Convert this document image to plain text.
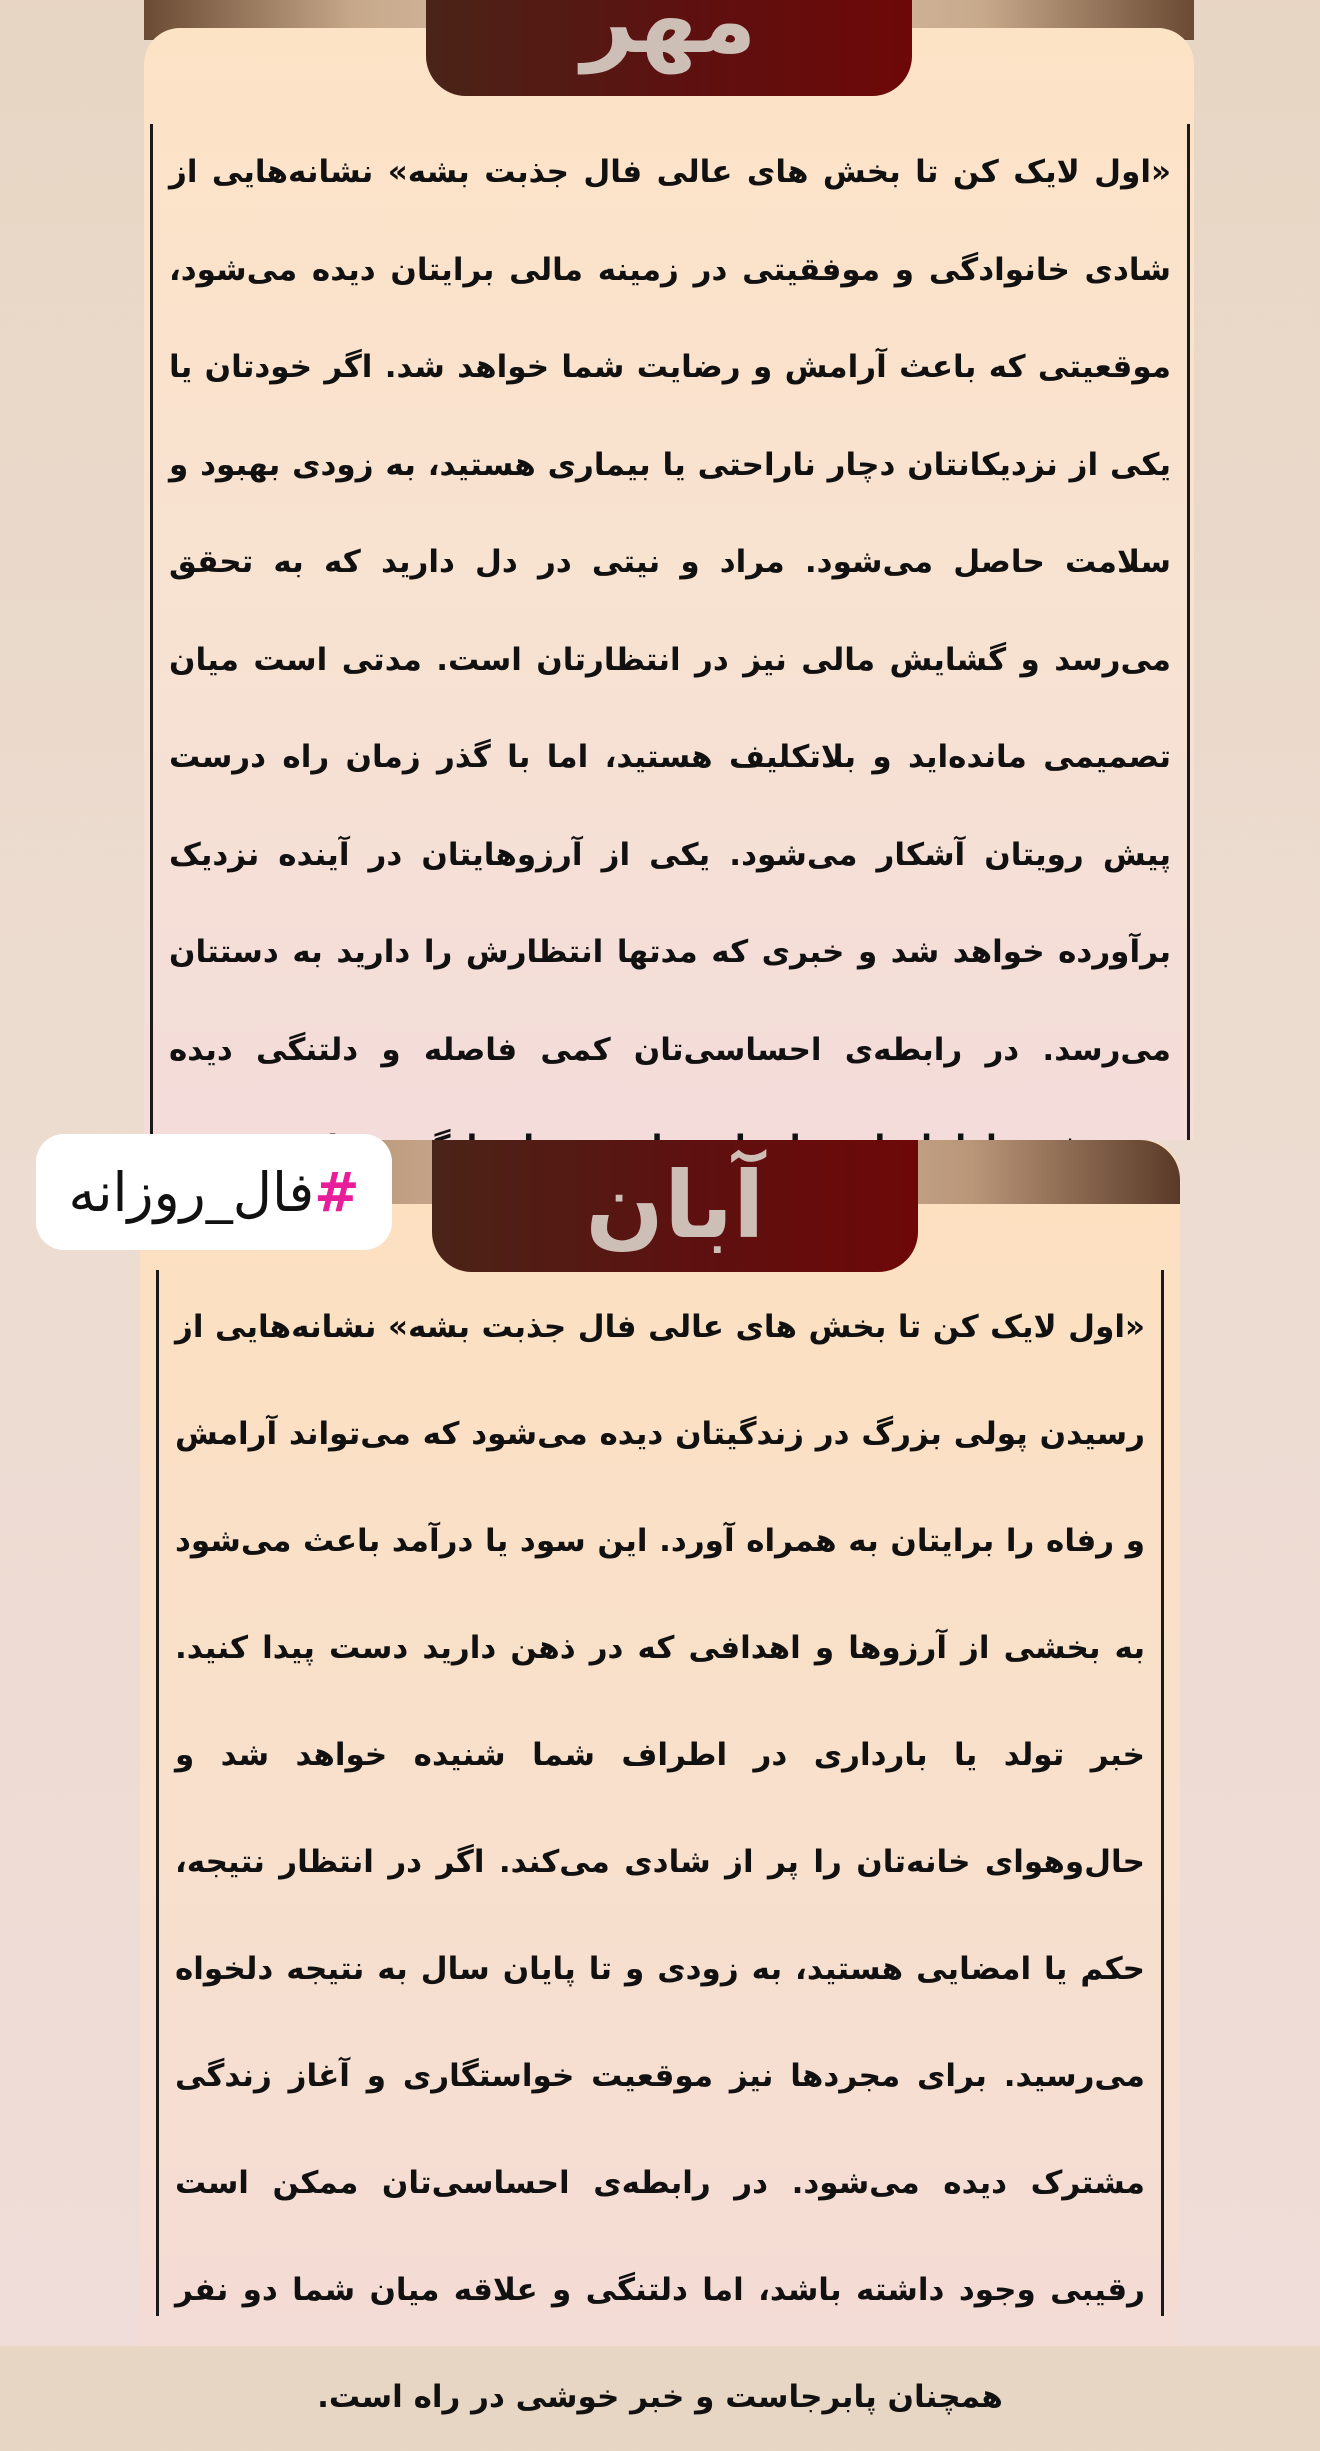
مهر
«اول لایک کن تا بخش های عالی فال جذبت بشه» نشانه‌هایی از شادی خانوادگی و موفقیتی در زمینه مالی برایتان دیده می‌شود، موقعیتی که باعث آرامش و رضایت شما خواهد شد. اگر خودتان یا یکی از نزدیکانتان دچار ناراحتی یا بیماری هستید، به زودی بهبود و سلامت حاصل می‌شود. مراد و نیتی در دل دارید که به تحقق می‌رسد و گشایش مالی نیز در انتظارتان است. مدتی است میان تصمیمی مانده‌اید و بلاتکلیف هستید، اما با گذر زمان راه درست پیش رویتان آشکار می‌شود. یکی از آرزوهایتان در آینده نزدیک برآورده خواهد شد و خبری که مدتها انتظارش را دارید به دستتان می‌رسد. در رابطه‌ی احساسی‌تان کمی فاصله و دلتنگی دیده
آبان
«اول لایک کن تا بخش های عالی فال جذبت بشه» نشانه‌هایی از رسیدن پولی بزرگ در زندگیتان دیده می‌شود که می‌تواند آرامش و رفاه را برایتان به همراه آورد. این سود یا درآمد باعث می‌شود به بخشی از آرزوها و اهدافی که در ذهن دارید دست پیدا کنید. خبر تولد یا بارداری در اطراف شما شنیده خواهد شد و حال‌وهوای خانه‌تان را پر از شادی می‌کند. اگر در انتظار نتیجه، حکم یا امضایی هستید، به زودی و تا پایان سال به نتیجه دلخواه می‌رسید. برای مجردها نیز موقعیت خواستگاری و آغاز زندگی مشترک دیده می‌شود. در رابطه‌ی احساسی‌تان ممکن است رقیبی وجود داشته باشد، اما دلتنگی و علاقه میان شما دو نفر همچنان پابرجاست و خبر خوشی در راه است.
#
فال_روزانه
